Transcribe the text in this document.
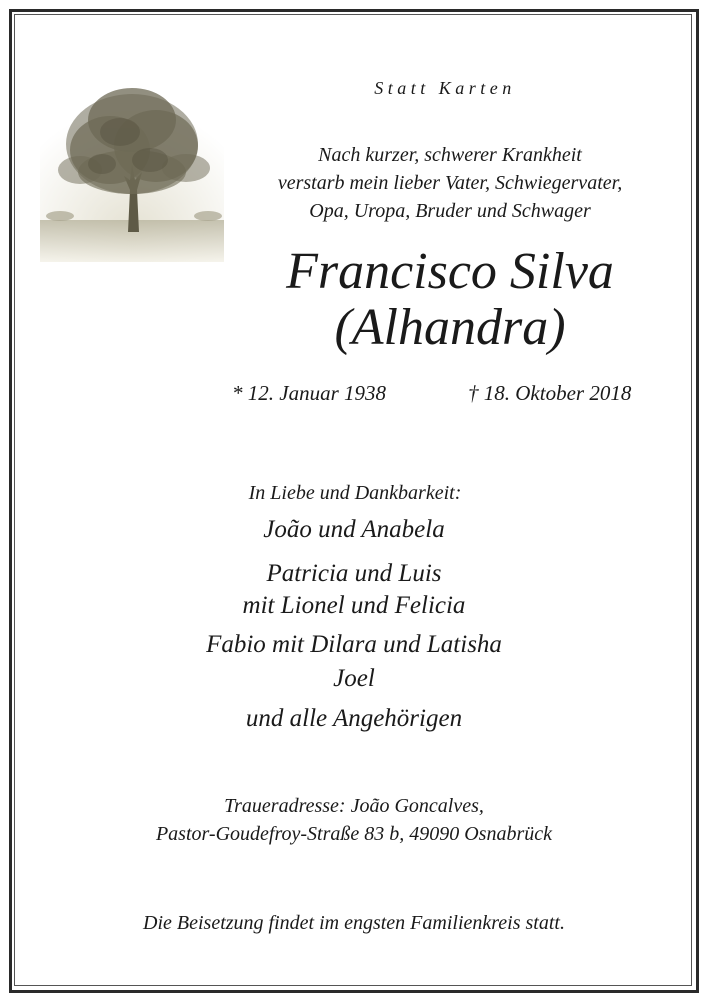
Statt Karten
Nach kurzer, schwerer Krankheit
verstarb mein lieber Vater, Schwiegervater,
Opa, Uropa, Bruder und Schwager
Francisco Silva
(Alhandra)
* 12. Januar 1938	† 18. Oktober 2018
In Liebe und Dankbarkeit:
João und Anabela
Patricia und Luis
mit Lionel und Felicia
Fabio mit Dilara und Latisha
Joel
und alle Angehörigen
Traueradresse: João Goncalves,
Pastor-Goudefroy-Straße 83 b, 49090 Osnabrück
Die Beisetzung findet im engsten Familienkreis statt.
